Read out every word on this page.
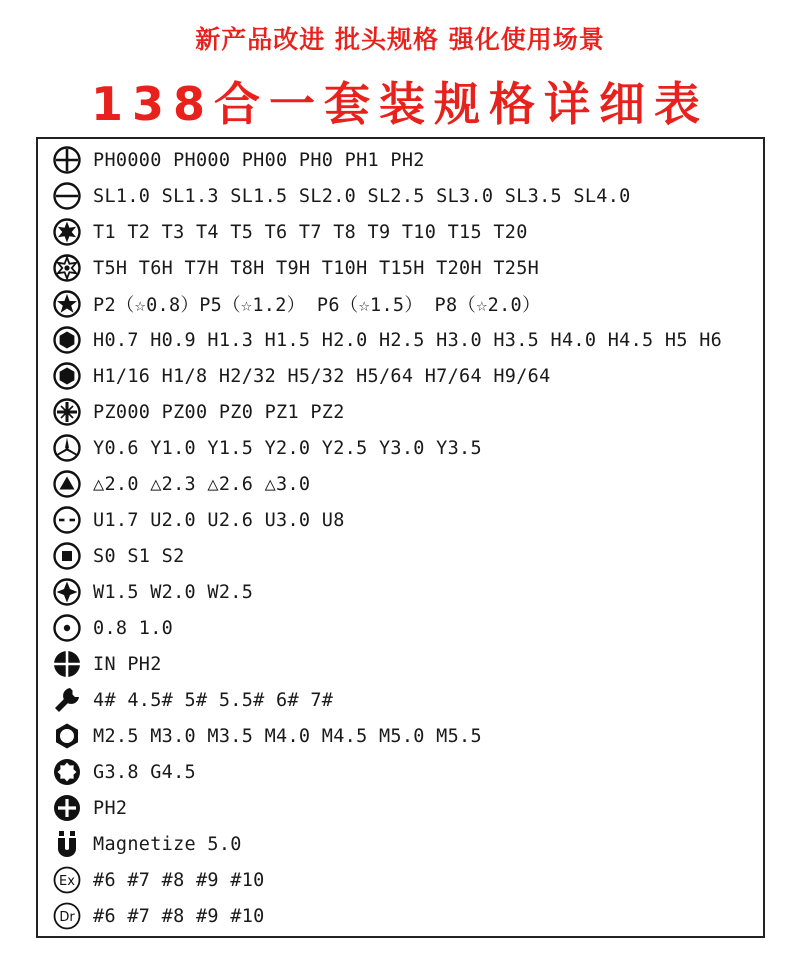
新产品改进 批头规格 强化使用场景
138合一套装规格详细表
PH0000 PH000 PH00 PH0 PH1 PH2
SL1.0 SL1.3 SL1.5 SL2.0 SL2.5 SL3.0 SL3.5 SL4.0
T1 T2 T3 T4 T5 T6 T7 T8 T9 T10 T15 T20
T5H T6H T7H T8H T9H T10H T15H T20H T25H
P2（☆0.8）P5（☆1.2） P6（☆1.5） P8（☆2.0）
H0.7 H0.9 H1.3 H1.5 H2.0 H2.5 H3.0 H3.5 H4.0 H4.5 H5 H6
H1/16 H1/8 H2/32 H5/32 H5/64 H7/64 H9/64
PZ000 PZ00 PZ0 PZ1 PZ2
Y0.6 Y1.0 Y1.5 Y2.0 Y2.5 Y3.0 Y3.5
△2.0 △2.3 △2.6 △3.0
U1.7 U2.0 U2.6 U3.0 U8
S0 S1 S2
W1.5 W2.0 W2.5
0.8 1.0
IN PH2
4# 4.5# 5# 5.5# 6# 7#
M2.5 M3.0 M3.5 M4.0 M4.5 M5.0 M5.5
G3.8 G4.5
PH2
Magnetize 5.0
Ex #6 #7 #8 #9 #10
Dr #6 #7 #8 #9 #10
